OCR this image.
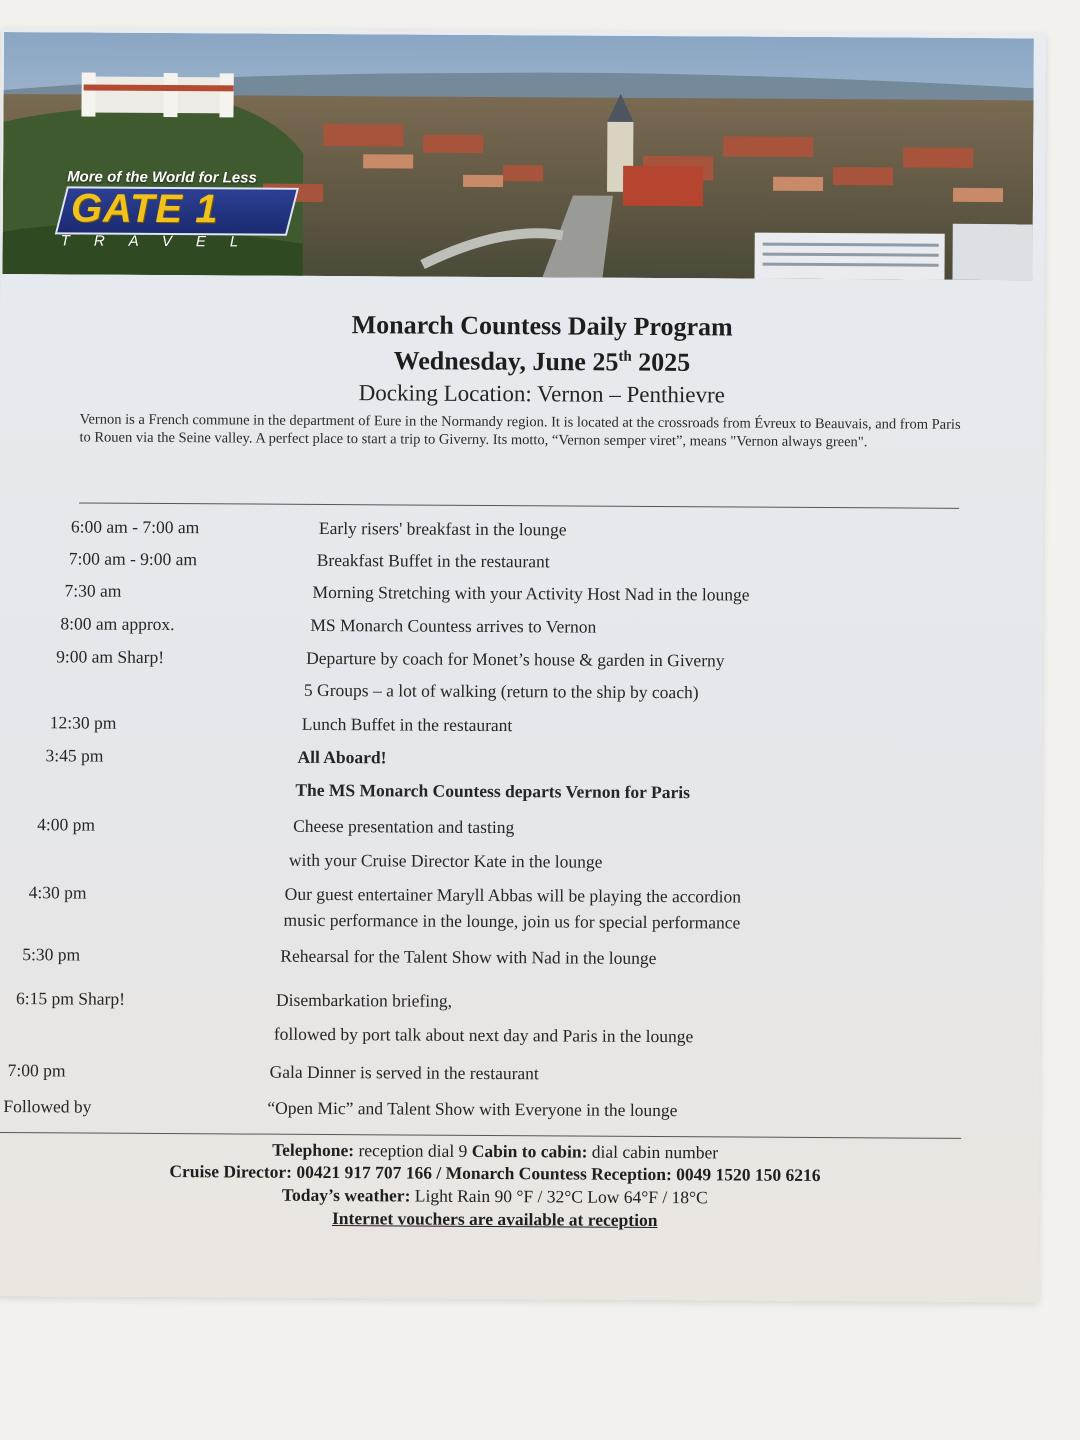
More of the World for Less
GATE 1
TRAVEL
Monarch Countess Daily Program
Wednesday, June 25th 2025
Docking Location: Vernon – Penthievre
Vernon is a French commune in the department of Eure in the Normandy region. It is located at the crossroads from Évreux to Beauvais, and from Paris to Rouen via the Seine valley. A perfect place to start a trip to Giverny. Its motto, “Vernon semper viret”, means "Vernon always green".
6:00 am - 7:00 am	Early risers' breakfast in the lounge
7:00 am - 9:00 am	Breakfast Buffet in the restaurant
7:30 am	Morning Stretching with your Activity Host Nad in the lounge
8:00 am approx.	MS Monarch Countess arrives to Vernon
9:00 am Sharp!	Departure by coach for Monet’s house & garden in Giverny
5 Groups – a lot of walking (return to the ship by coach)
12:30 pm	Lunch Buffet in the restaurant
3:45 pm	All Aboard!
The MS Monarch Countess departs Vernon for Paris
4:00 pm	Cheese presentation and tasting
with your Cruise Director Kate in the lounge
4:30 pm	Our guest entertainer Maryll Abbas will be playing the accordion
music performance in the lounge, join us for special performance
5:30 pm	Rehearsal for the Talent Show with Nad in the lounge
6:15 pm Sharp!	Disembarkation briefing,
followed by port talk about next day and Paris in the lounge
7:00 pm	Gala Dinner is served in the restaurant
Followed by	“Open Mic” and Talent Show with Everyone in the lounge
Telephone: reception dial 9 Cabin to cabin: dial cabin number
Cruise Director: 00421 917 707 166 / Monarch Countess Reception: 0049 1520 150 6216
Today’s weather: Light Rain 90 °F / 32°C Low 64°F / 18°C
Internet vouchers are available at reception
